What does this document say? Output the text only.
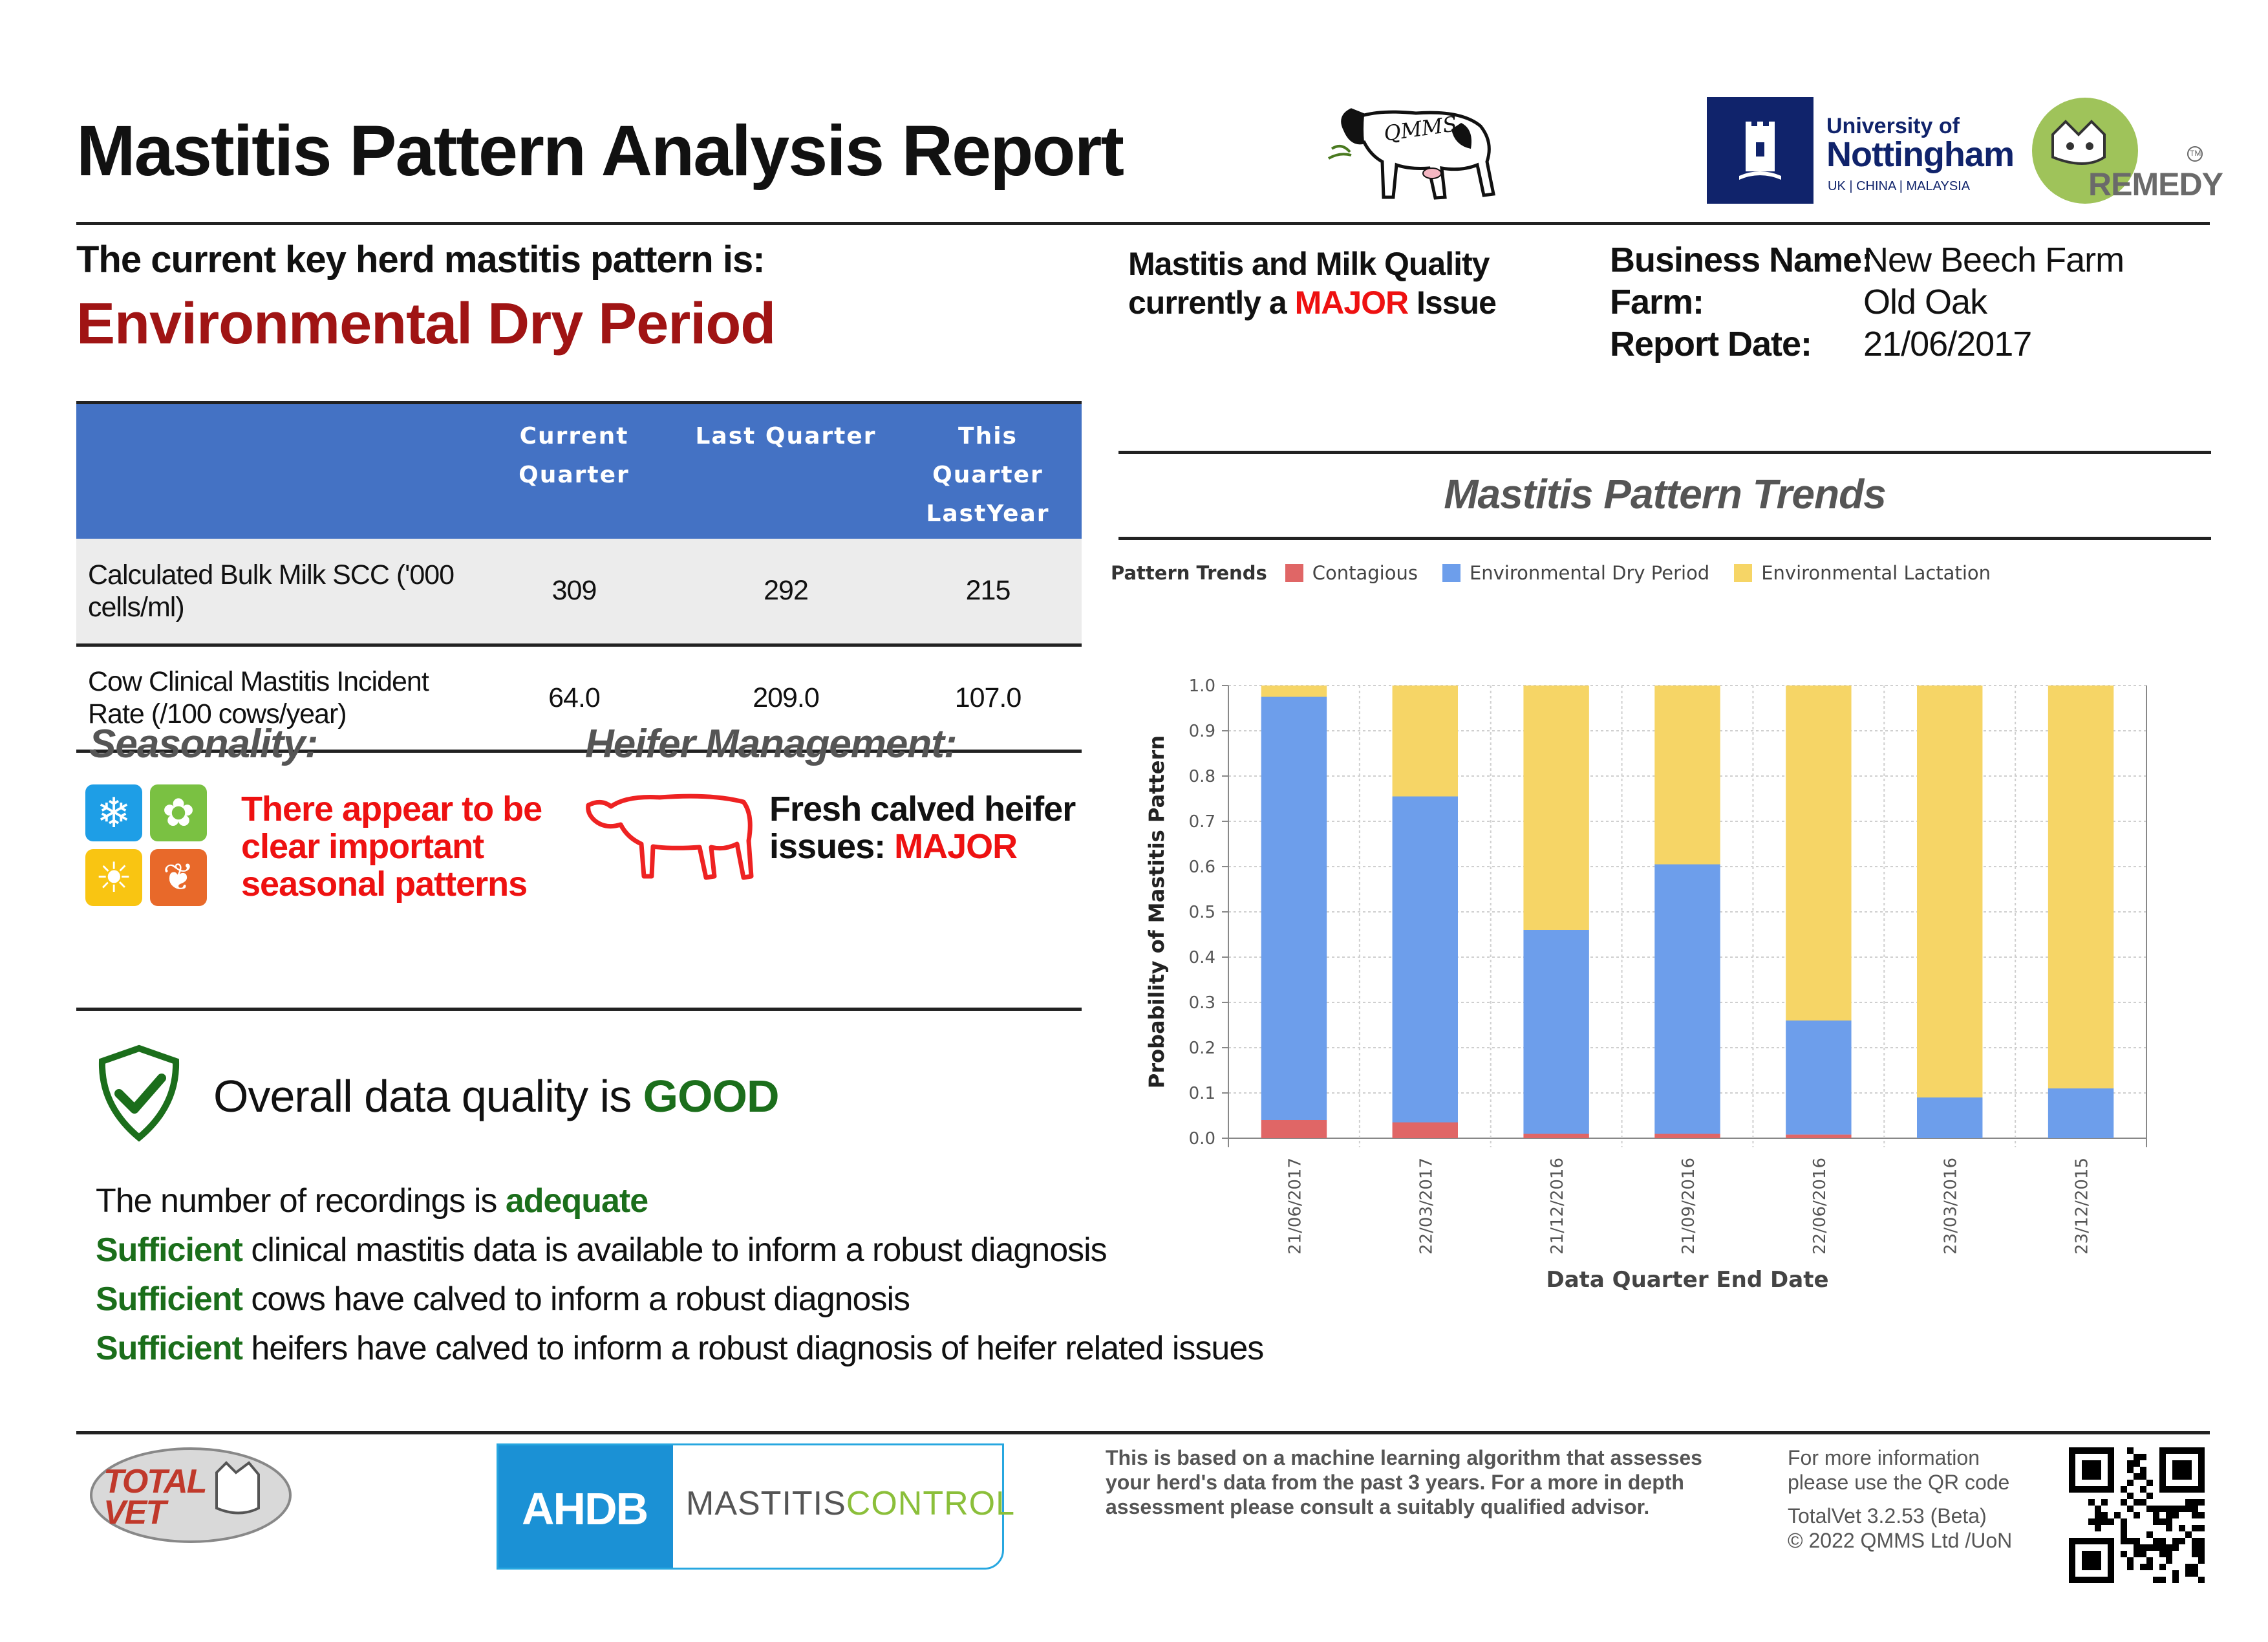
Mastitis Pattern Analysis Report	QMMS	University of
Nottingham
UK | CHINA | MALAYSIA	REMEDY
TM
The current key herd mastitis pattern is:
Environmental Dry Period
Mastitis and Milk Quality
currently a MAJOR Issue
Business Name:
New Beech Farm
Farm:	Old Oak
Report Date: 21/06/2017
	Current Quarter	Last Quarter	This Quarter LastYear
Calculated Bulk Milk SCC ('000 cells/ml)	309	292	215
Cow Clinical Mastitis Incident Rate (/100 cows/year)	64.0	209.0	107.0
Seasonality:
❄ ✿
☀ ❦
There appear to be
clear important
seasonal patterns
Heifer Management:
Fresh calved heifer
issues: MAJOR
Overall data quality is GOOD
The number of recordings is adequate
Sufficient clinical mastitis data is available to inform a robust diagnosis
Sufficient cows have calved to inform a robust diagnosis
Sufficient heifers have calved to inform a robust diagnosis of heifer related issues
Mastitis Pattern Trends
Pattern Trends Contagious	Environmental Dry Period	Environmental Lactation
0.0
0.1
0.2
0.3
0.4
0.5
0.6
0.7
0.8
0.9
1.0
21/06/2017	22/03/2017	21/12/2016	21/09/2016	22/06/2016	23/03/2016	23/12/2015
Data Quarter End Date
Probability of Mastitis Pattern
TOTAL VET	AHDB MASTITISCONTROL
This is based on a machine learning algorithm that assesses
your herd's data from the past 3 years. For a more in depth
assessment please consult a suitably qualified advisor.
For more information
please use the QR code
TotalVet 3.2.53 (Beta)
© 2022 QMMS Ltd /UoN
